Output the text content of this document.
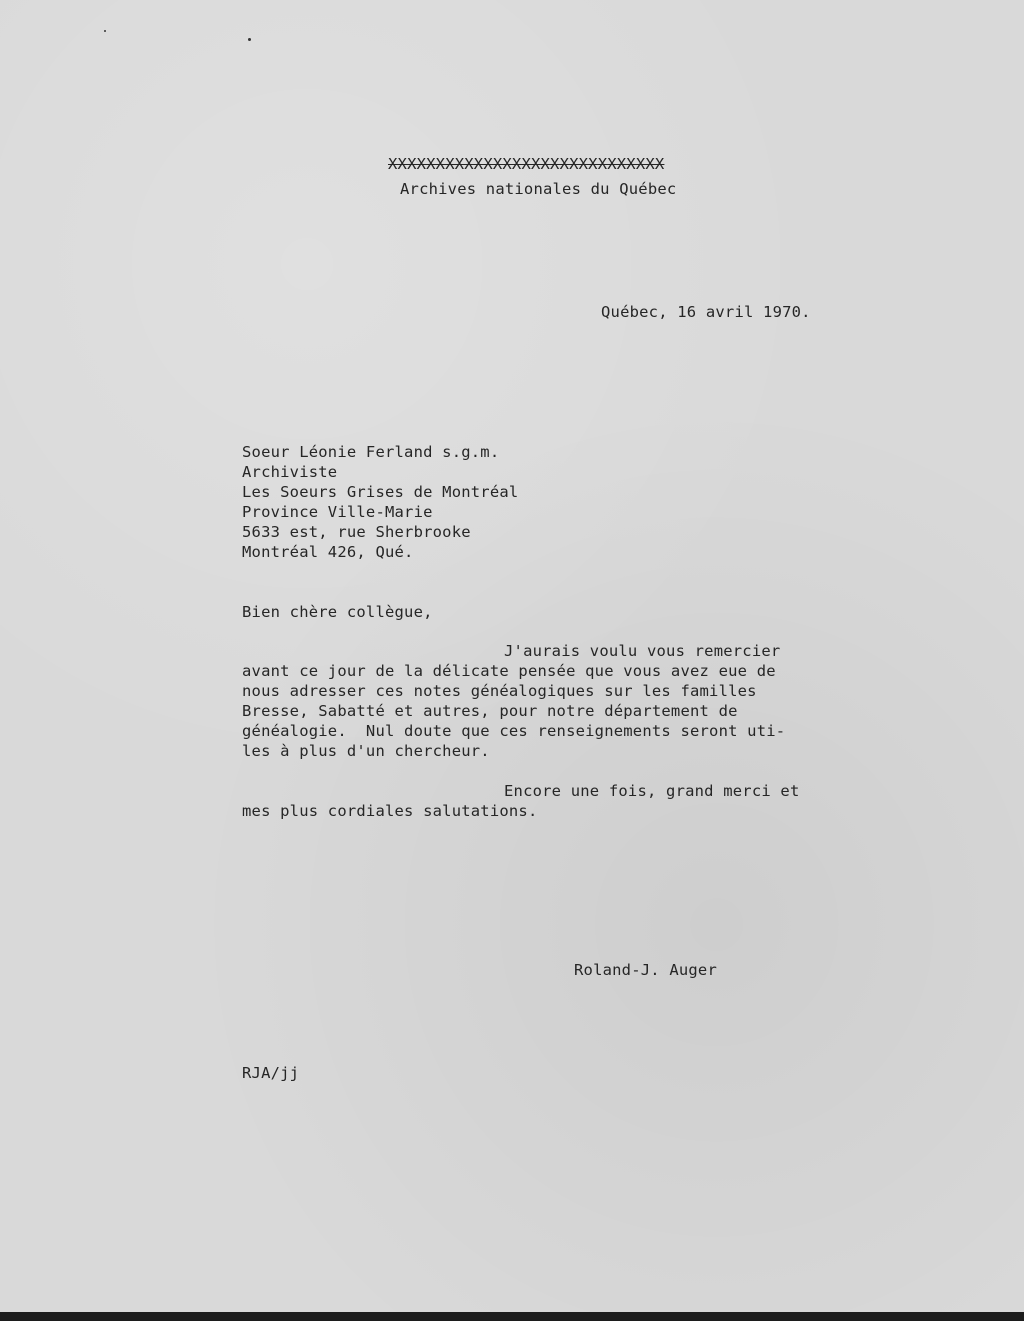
XXXXXXXXXXXXXXXXXXXXXXXXXXXXX
Archives nationales du Québec
Québec, 16 avril 1970.
Soeur Léonie Ferland s.g.m.
Archiviste
Les Soeurs Grises de Montréal
Province Ville-Marie
5633 est, rue Sherbrooke
Montréal 426, Qué.
Bien chère collègue,
J'aurais voulu vous remercier
avant ce jour de la délicate pensée que vous avez eue de
nous adresser ces notes généalogiques sur les familles
Bresse, Sabatté et autres, pour notre département de
généalogie.  Nul doute que ces renseignements seront uti-
les à plus d'un chercheur.
Encore une fois, grand merci et
mes plus cordiales salutations.
Roland-J. Auger
RJA/jj
